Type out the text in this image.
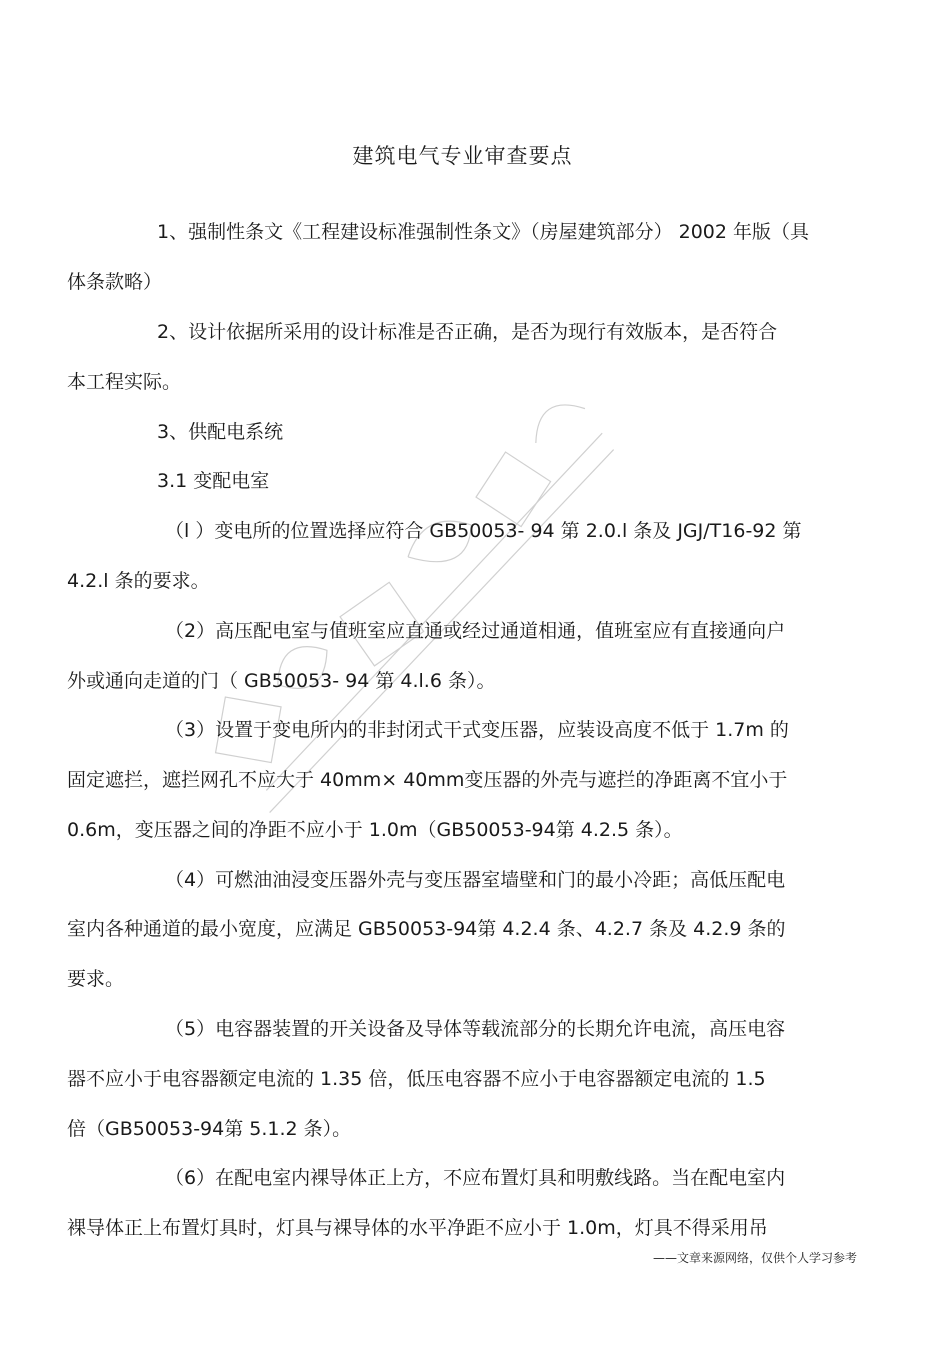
建筑电气专业审查要点
1、强制性条文《工程建设标准强制性条文》（房屋建筑部分） 2002 年版（具
体条款略）
2、设计依据所采用的设计标准是否正确，是否为现行有效版本，是否符合
本工程实际。
3、供配电系统
3.1 变配电室
（l ）变电所的位置选择应符合 GB50053- 94 第 2.0.l 条及 JGJ/T16-92 第
4.2.l 条的要求。
（2）高压配电室与值班室应直通或经过通道相通，值班室应有直接通向户
外或通向走道的门（ GB50053- 94 第 4.l.6 条）。
（3）设置于变电所内的非封闭式干式变压器，应装设高度不低于 1.7m 的
固定遮拦，遮拦网孔不应大于 40mm× 40mm变压器的外壳与遮拦的净距离不宜小于
0.6m，变压器之间的净距不应小于 1.0m（GB50053-94第 4.2.5 条）。
（4）可燃油油浸变压器外壳与变压器室墙壁和门的最小冷距；高低压配电
室内各种通道的最小宽度，应满足 GB50053-94第 4.2.4 条、4.2.7 条及 4.2.9 条的
要求。
（5）电容器装置的开关设备及导体等载流部分的长期允许电流，高压电容
器不应小于电容器额定电流的 1.35 倍，低压电容器不应小于电容器额定电流的 1.5
倍（GB50053-94第 5.1.2 条）。
（6）在配电室内裸导体正上方，不应布置灯具和明敷线路。当在配电室内
裸导体正上布置灯具时，灯具与裸导体的水平净距不应小于 1.0m，灯具不得采用吊
——文章来源网络，仅供个人学习参考
